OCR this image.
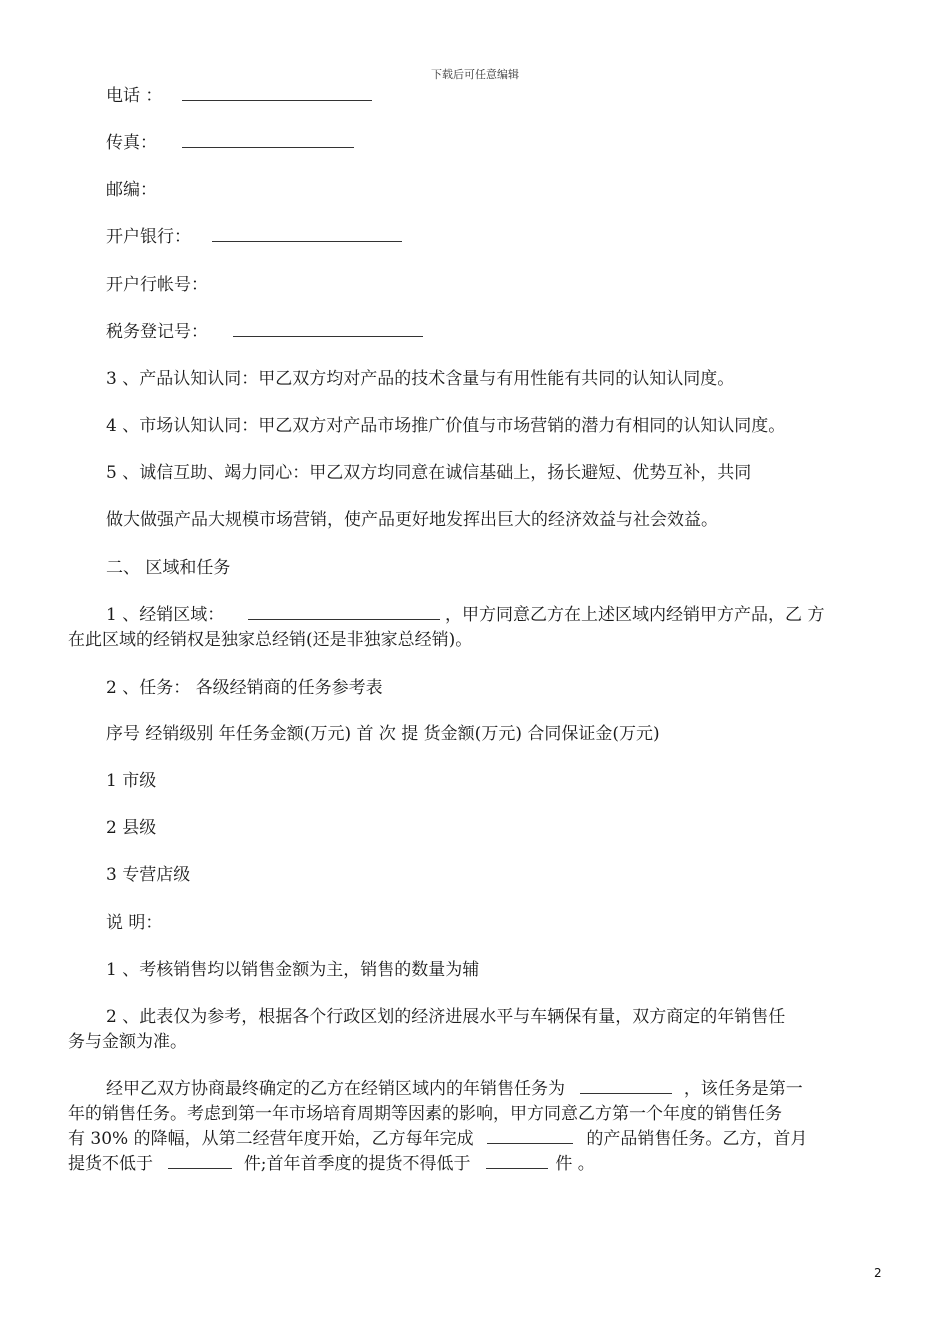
下载后可任意编辑
电话 ：
传真：
邮编：
开户银行：
开户行帐号：
税务登记号：
3 、产品认知认同：甲乙双方均对产品的技术含量与有用性能有共同的认知认同度。
4 、市场认知认同：甲乙双方对产品市场推广价值与市场营销的潜力有相同的认知认同度。
5 、诚信互助、竭力同心：甲乙双方均同意在诚信基础上，扬长避短、优势互补，共同
做大做强产品大规模市场营销，使产品更好地发挥出巨大的经济效益与社会效益。
二、 区域和任务
1 、经销区域：	，甲方同意乙方在上述区域内经销甲方产品，乙 方
在此区域的经销权是独家总经销(还是非独家总经销)。
2 、任务： 各级经销商的任务参考表
序号 经销级别 年任务金额(万元) 首 次 提 货金额(万元) 合同保证金(万元)
1 市级
2 县级
3 专营店级
说 明：
1 、考核销售均以销售金额为主，销售的数量为辅
2 、此表仅为参考，根据各个行政区划的经济进展水平与车辆保有量，双方商定的年销售任
务与金额为准。
经甲乙双方协商最终确定的乙方在经销区域内的年销售任务为	，该任务是第一
年的销售任务。考虑到第一年市场培育周期等因素的影响，甲方同意乙方第一个年度的销售任务
有 30% 的降幅，从第二经营年度开始，乙方每年完成	的产品销售任务。乙方，首月
提货不低于	件;首年首季度的提货不得低于	件 。
2
